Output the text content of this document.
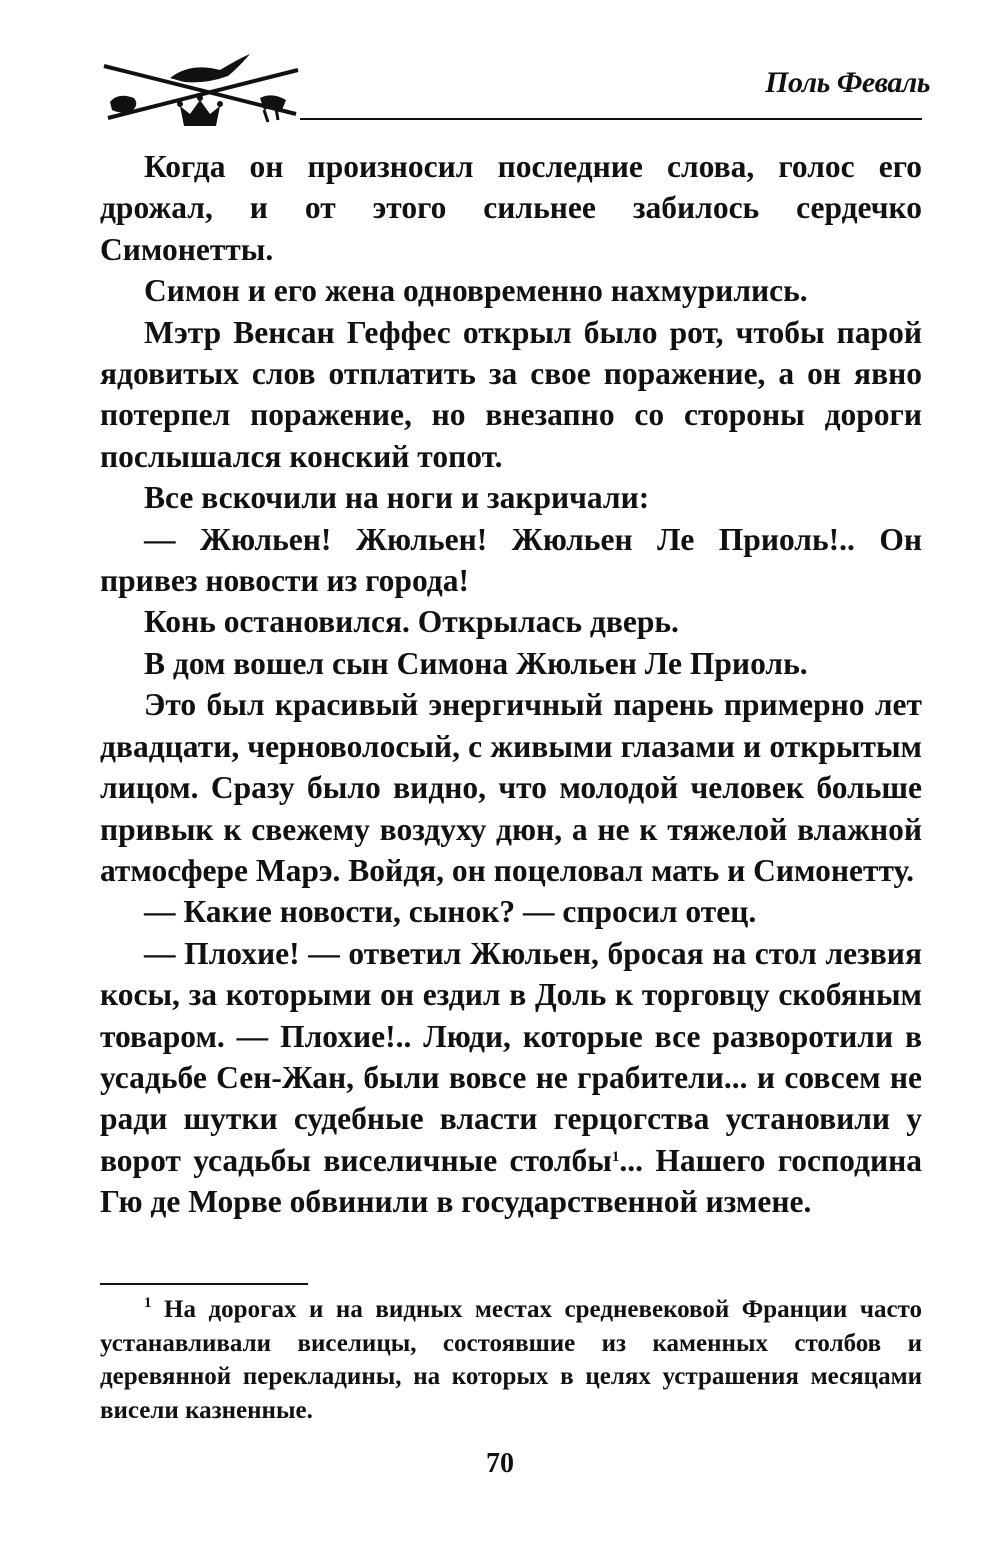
Поль Феваль

Когда он произносил последние слова, голос его дрожал, и от этого сильнее забилось сердечко Симонетты.

Симон и его жена одновременно нахмурились.

Мэтр Венсан Геффес открыл было рот, чтобы парой ядовитых слов отплатить за свое поражение, а он явно потерпел поражение, но внезапно со стороны дороги послышался конский топот.

Все вскочили на ноги и закричали:

— Жюльен! Жюльен! Жюльен Ле Приоль!.. Он привез новости из города!

Конь остановился. Открылась дверь.

В дом вошел сын Симона Жюльен Ле Приоль.

Это был красивый энергичный парень примерно лет двадцати, черноволосый, с живыми глазами и открытым лицом. Сразу было видно, что молодой человек больше привык к свежему воздуху дюн, а не к тяжелой влажной атмосфере Марэ. Войдя, он поцеловал мать и Симонетту.

— Какие новости, сынок? — спросил отец.

— Плохие! — ответил Жюльен, бросая на стол лезвия косы, за которыми он ездил в Доль к торговцу скобяным товаром. — Плохие!.. Люди, которые все разворотили в усадьбе Сен-Жан, были вовсе не грабители... и совсем не ради шутки судебные власти герцогства установили у ворот усадьбы виселичные столбы$^1$... Нашего господина Гю де Морве обвинили в государственной измене.

$^1$ На дорогах и на видных местах средневековой Франции часто устанавливали виселицы, состоявшие из каменных столбов и деревянной перекладины, на которых в целях устрашения месяцами висели казненные.
70
